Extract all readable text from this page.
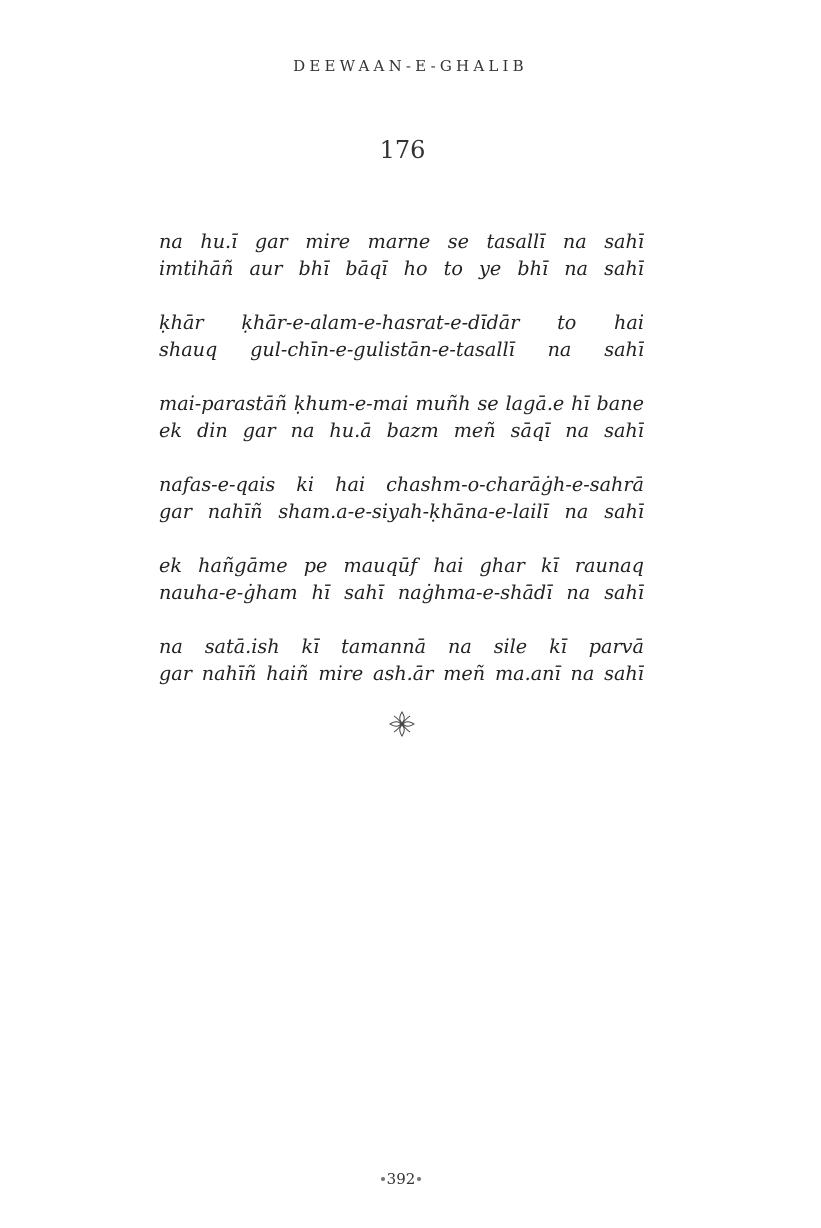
DEEWAAN-E-GHALIB
176
na hu.ī gar mire marne se tasallī na sahī
imtihāñ aur bhī bāqī ho to ye bhī na sahī
ḳhār ḳhār-e-alam-e-hasrat-e-dīdār to hai
shauq gul-chīn-e-gulistān-e-tasallī na sahī
mai-parastāñ ḳhum-e-mai muñh se lagā.e hī bane
ek din gar na hu.ā bazm meñ sāqī na sahī
nafas-e-qais ki hai chashm-o-charāġh-e-sahrā
gar nahīñ sham.a-e-siyah-ḳhāna-e-lailī na sahī
ek hañgāme pe mauqūf hai ghar kī raunaq
nauha-e-ġham hī sahī naġhma-e-shādī na sahī
na satā.ish kī tamannā na sile kī parvā
gar nahīñ haiñ mire ash.ār meñ ma.anī na sahī
392
